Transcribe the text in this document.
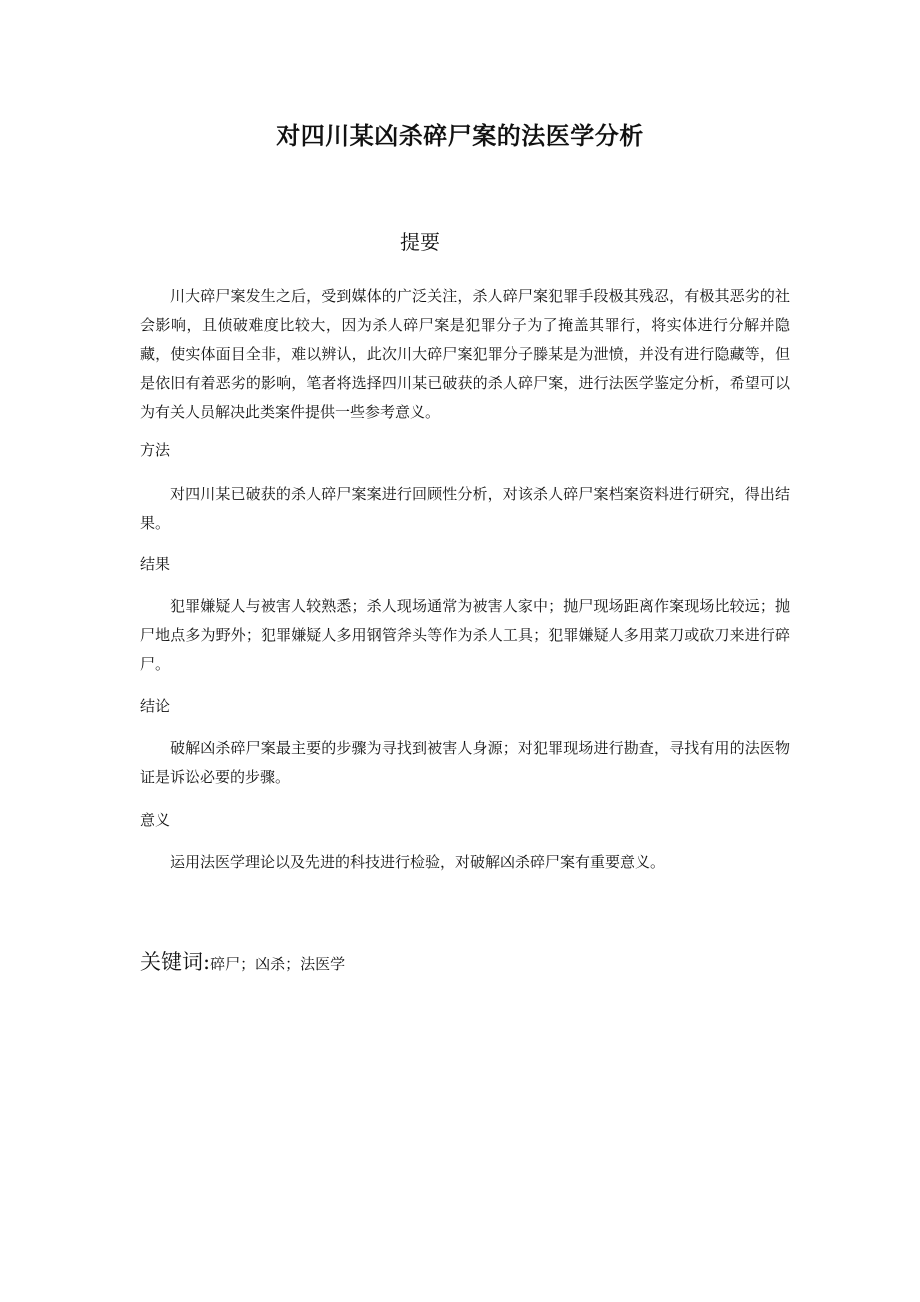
对四川某凶杀碎尸案的法医学分析
提要

川大碎尸案发生之后，受到媒体的广泛关注，杀人碎尸案犯罪手段极其残忍，有极其恶劣的社会影响，且侦破难度比较大，因为杀人碎尸案是犯罪分子为了掩盖其罪行，将实体进行分解并隐藏，使实体面目全非，难以辨认，此次川大碎尸案犯罪分子滕某是为泄愤，并没有进行隐藏等，但是依旧有着恶劣的影响，笔者将选择四川某已破获的杀人碎尸案，进行法医学鉴定分析，希望可以为有关人员解决此类案件提供一些参考意义。

方法

对四川某已破获的杀人碎尸案案进行回顾性分析，对该杀人碎尸案档案资料进行研究，得出结果。

结果

犯罪嫌疑人与被害人较熟悉；杀人现场通常为被害人家中；抛尸现场距离作案现场比较远；抛尸地点多为野外；犯罪嫌疑人多用钢管斧头等作为杀人工具；犯罪嫌疑人多用菜刀或砍刀来进行碎尸。

结论

破解凶杀碎尸案最主要的步骤为寻找到被害人身源；对犯罪现场进行勘查，寻找有用的法医物证是诉讼必要的步骤。

意义

运用法医学理论以及先进的科技进行检验，对破解凶杀碎尸案有重要意义。

关键词:碎尸；凶杀；法医学
